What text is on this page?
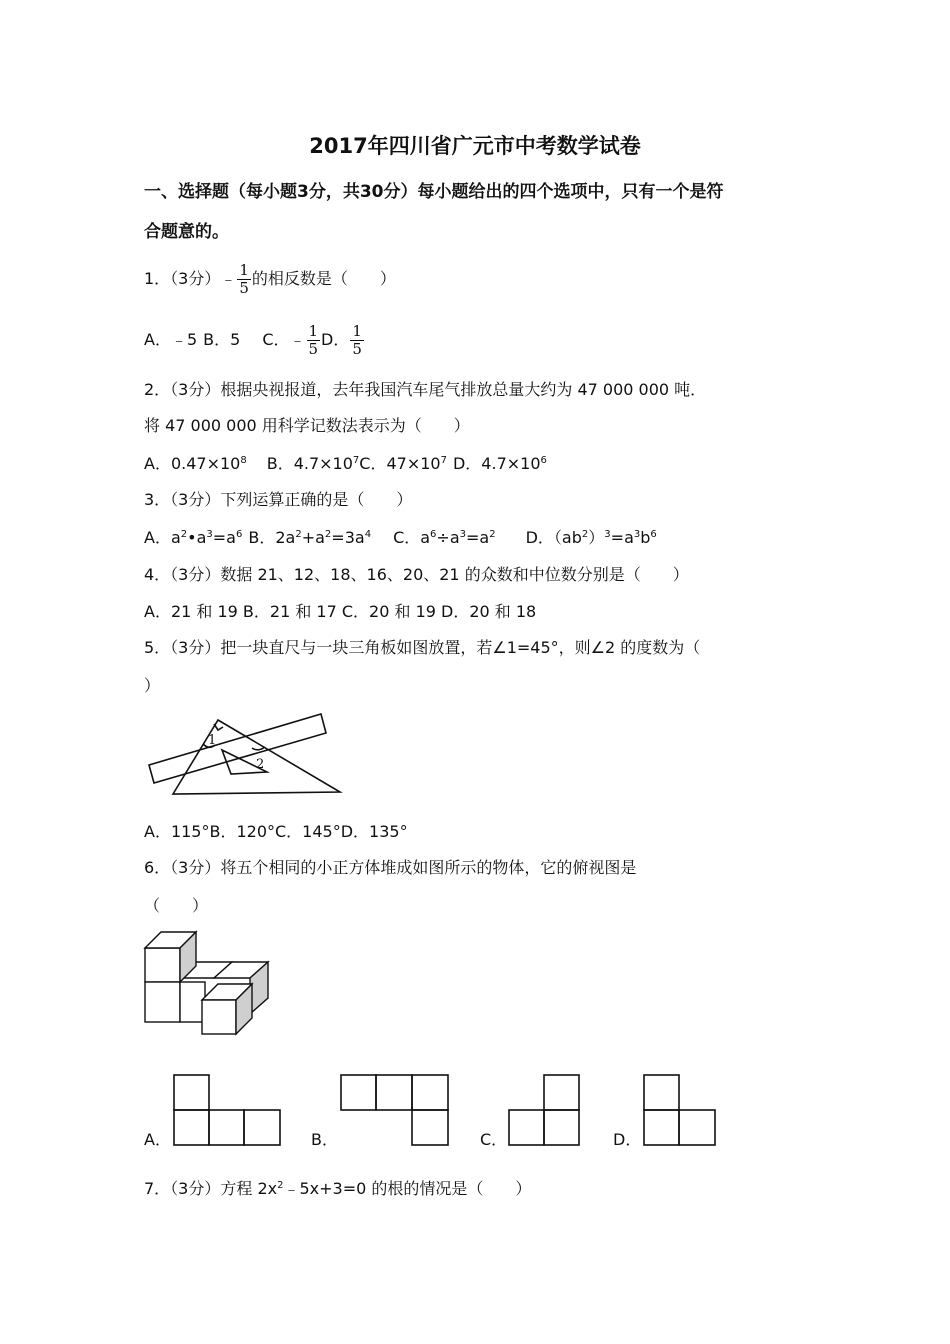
2017年四川省广元市中考数学试卷
一、选择题（每小题3分，共30分）每小题给出的四个选项中，只有一个是符
合题意的。
1．（3分）﹣ $\frac{1}{5}$ 的相反数是（　　）
A．﹣5 B．5 C．﹣ $\frac{1}{5}$ D． $\frac{1}{5}$
2．（3分）根据央视报道，去年我国汽车尾气排放总量大约为 47 000 000 吨．
将 47 000 000 用科学记数法表示为（　　）
A．$0.47\times 10^8$ B．$4.7\times 10^7C$．$47\times 10^7$ D．$4.7\times 10^6$
3．（3分）下列运算正确的是（　　）
A．$a^2•a^3=a^6$ B．$2a^2+a^2=3a^4$ C．$a^6\div a^3=a^2$ D．$(ab^2)^3=a^3b^6$
4．（3分）数据 21、12、18、16、20、21 的众数和中位数分别是（　　）
A．21 和 19 B．21 和 17 C．20 和 19 D．20 和 18
5．（3分）把一块直尺与一块三角板如图放置，若∠1=45°，则∠2 的度数为（
）
1
2
A．115°B．120°C．145°D．135°
6．（3分）将五个相同的小正方体堆成如图所示的物体，它的俯视图是
（　　）
A．	B．	C．	D．
7．（3分）方程 $2x^2﹣5x+3=0$ 的根的情况是（　　）
